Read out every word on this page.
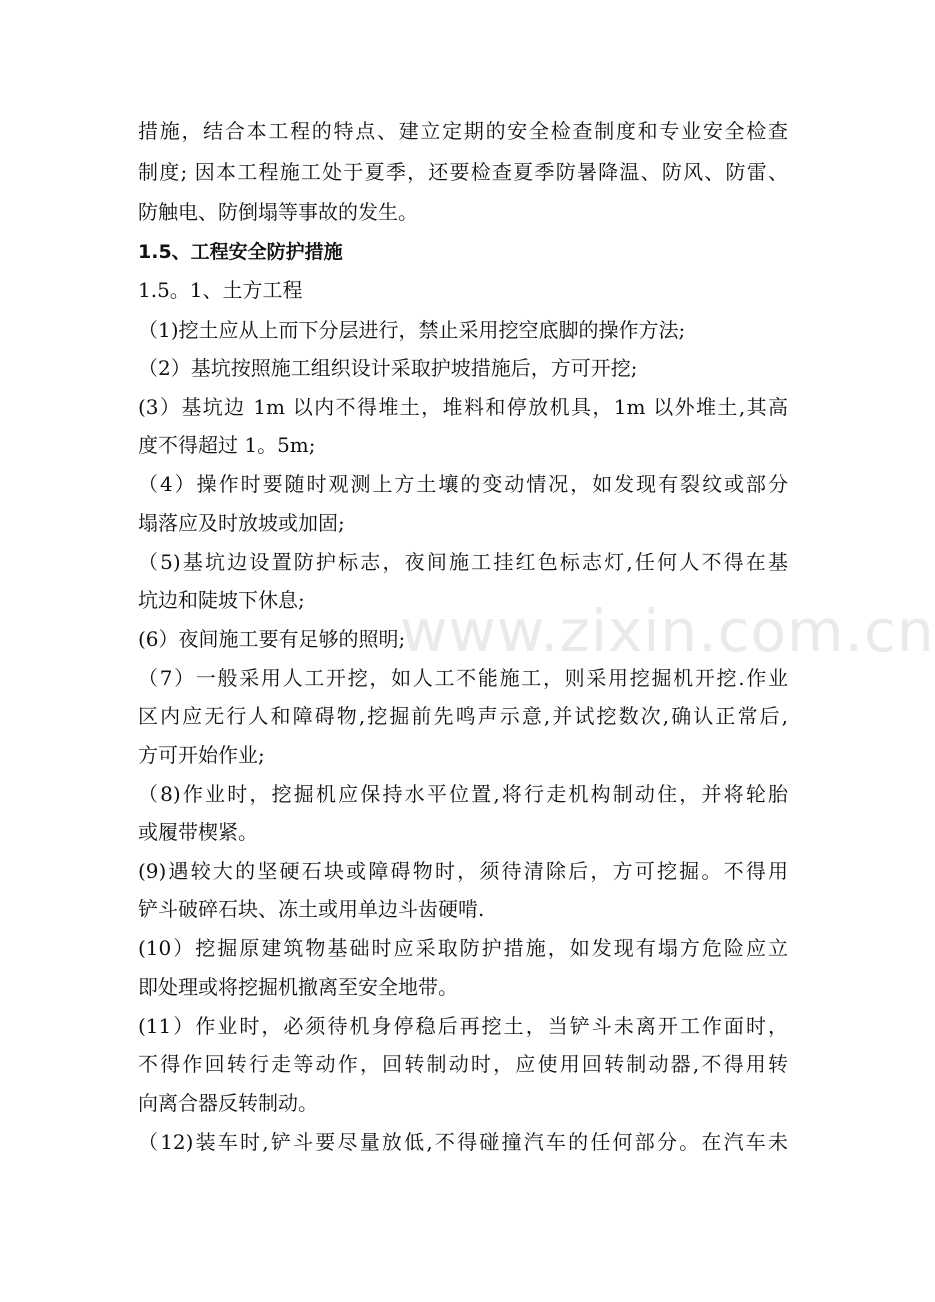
www.zixin.com.cn
措施，结合本工程的特点、建立定期的安全检查制度和专业安全检查
制度; 因本工程施工处于夏季，还要检查夏季防暑降温、防风、防雷、
防触电、防倒塌等事故的发生。
1.5、工程安全防护措施
1.5。1、土方工程
（1)挖土应从上而下分层进行，禁止采用挖空底脚的操作方法;
（2）基坑按照施工组织设计采取护坡措施后，方可开挖;
(3）基坑边 1m 以内不得堆土，堆料和停放机具，1m 以外堆土,其高
度不得超过 1。5m;
（4）操作时要随时观测上方土壤的变动情况，如发现有裂纹或部分
塌落应及时放坡或加固;
（5)基坑边设置防护标志，夜间施工挂红色标志灯,任何人不得在基
坑边和陡坡下休息;
(6）夜间施工要有足够的照明;
（7）一般采用人工开挖，如人工不能施工，则采用挖掘机开挖.作业
区内应无行人和障碍物,挖掘前先鸣声示意,并试挖数次,确认正常后,
方可开始作业;
（8)作业时，挖掘机应保持水平位置,将行走机构制动住，并将轮胎
或履带楔紧。
(9)遇较大的坚硬石块或障碍物时，须待清除后，方可挖掘。不得用
铲斗破碎石块、冻土或用单边斗齿硬啃.
(10）挖掘原建筑物基础时应采取防护措施，如发现有塌方危险应立
即处理或将挖掘机撤离至安全地带。
(11）作业时，必须待机身停稳后再挖土，当铲斗未离开工作面时，
不得作回转行走等动作，回转制动时，应使用回转制动器,不得用转
向离合器反转制动。
（12)装车时,铲斗要尽量放低,不得碰撞汽车的任何部分。在汽车未
